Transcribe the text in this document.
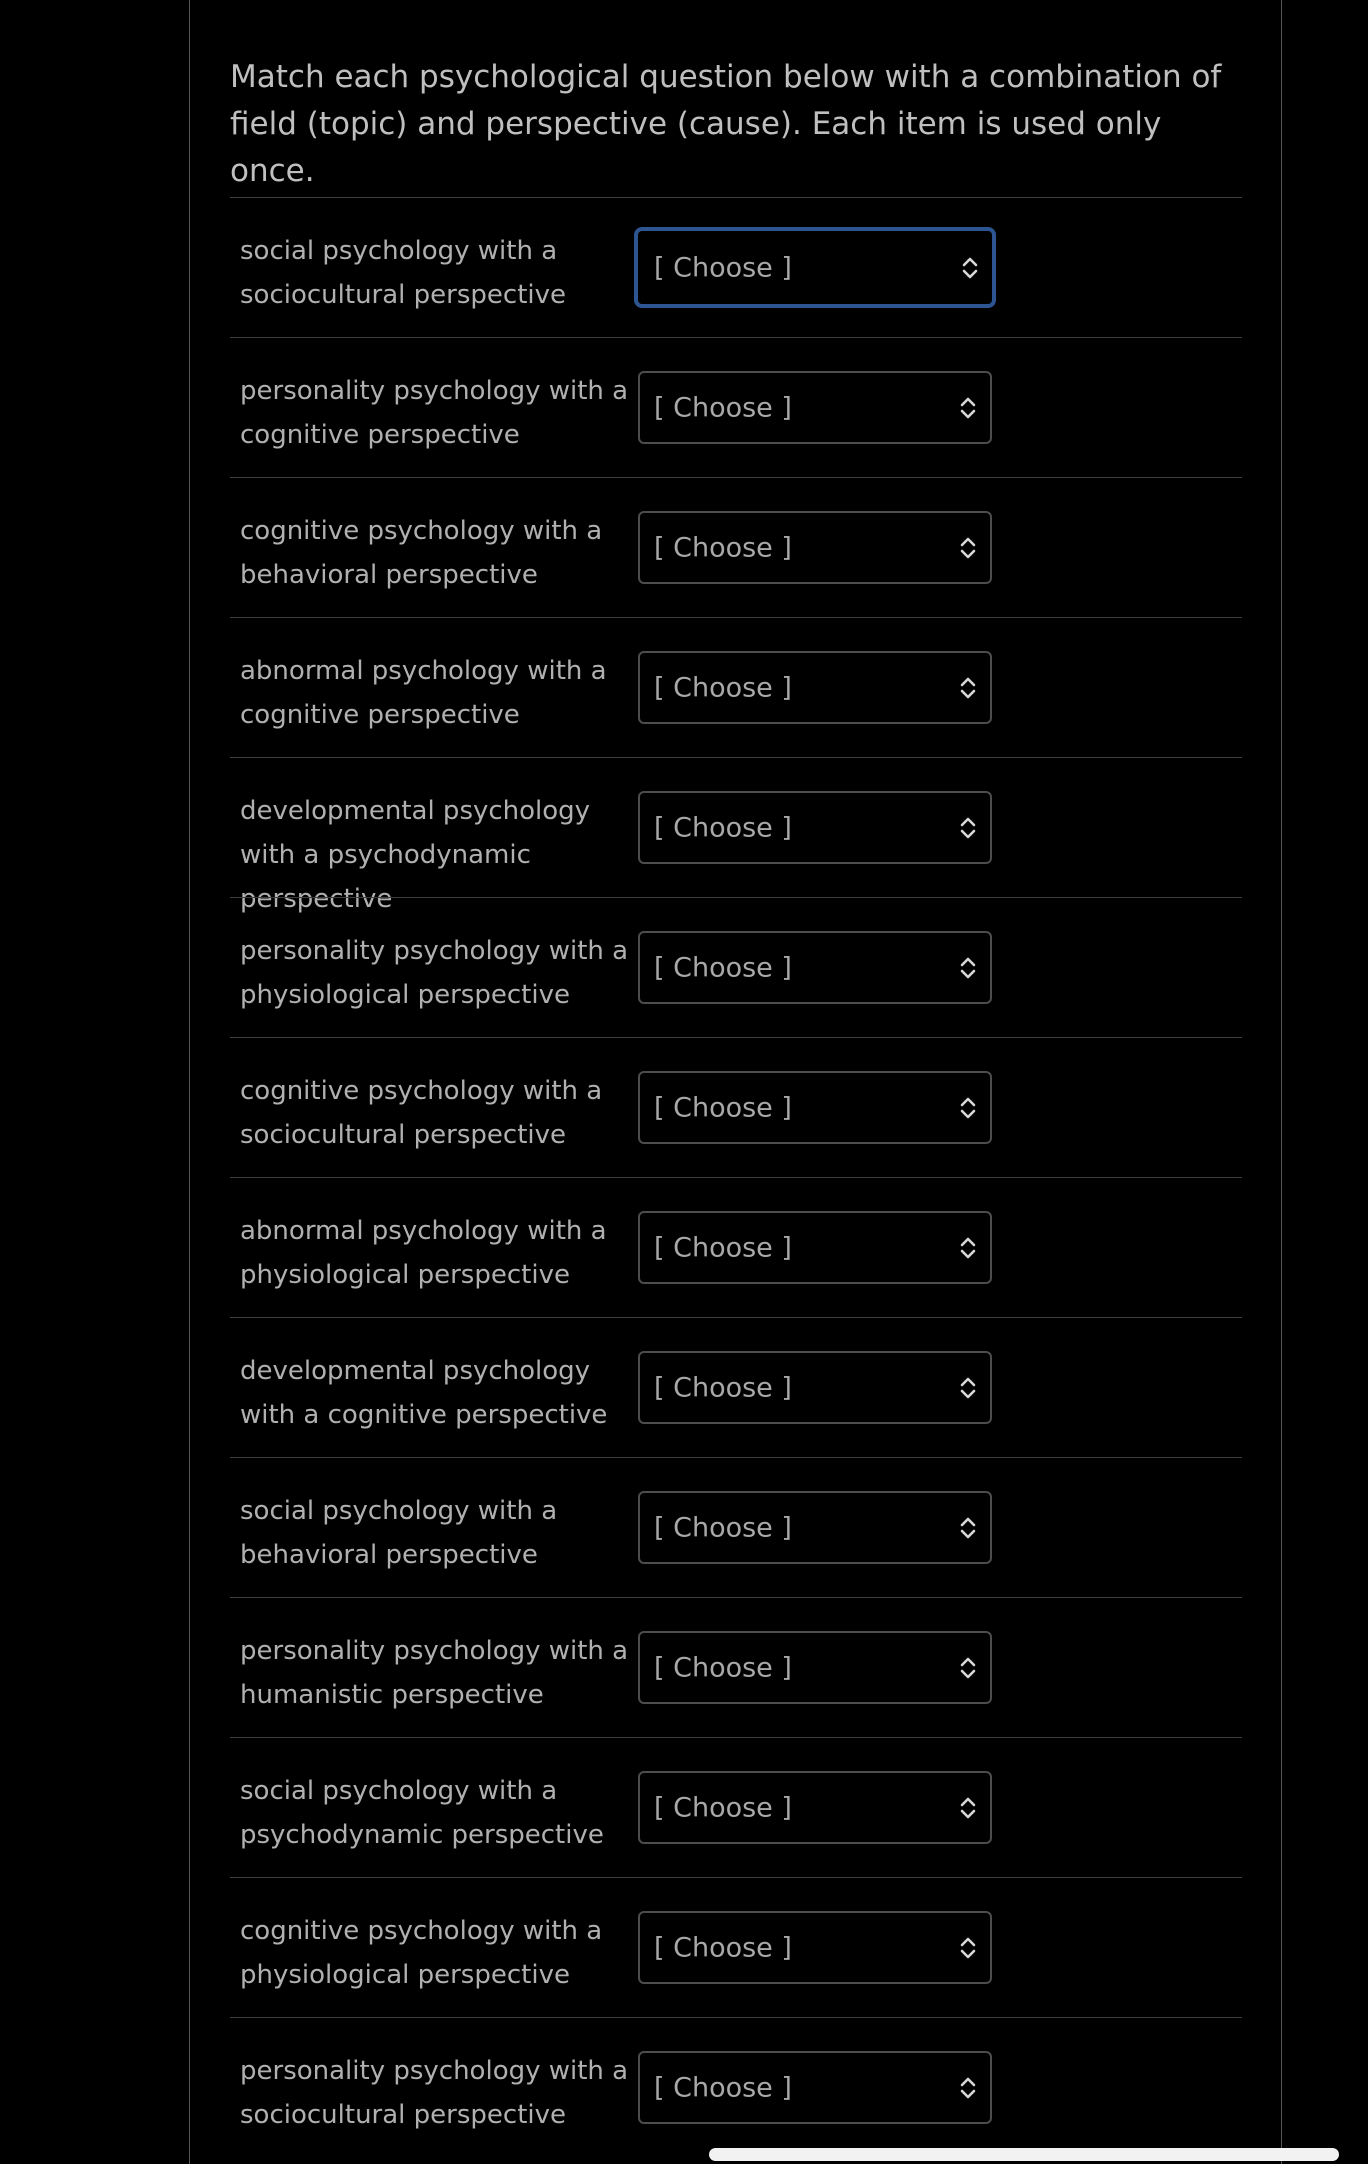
Match each psychological question below with a combination of field (topic) and perspective (cause). Each item is used only once.

social psychology with a sociocultural perspective
[ Choose ]
personality psychology with a cognitive perspective
[ Choose ]
cognitive psychology with a behavioral perspective
[ Choose ]
abnormal psychology with a cognitive perspective
[ Choose ]
developmental psychology with a psychodynamic perspective
[ Choose ]
personality psychology with a physiological perspective
[ Choose ]
cognitive psychology with a sociocultural perspective
[ Choose ]
abnormal psychology with a physiological perspective
[ Choose ]
developmental psychology with a cognitive perspective
[ Choose ]
social psychology with a behavioral perspective
[ Choose ]
personality psychology with a humanistic perspective
[ Choose ]
social psychology with a psychodynamic perspective
[ Choose ]
cognitive psychology with a physiological perspective
[ Choose ]
personality psychology with a sociocultural perspective
[ Choose ]
